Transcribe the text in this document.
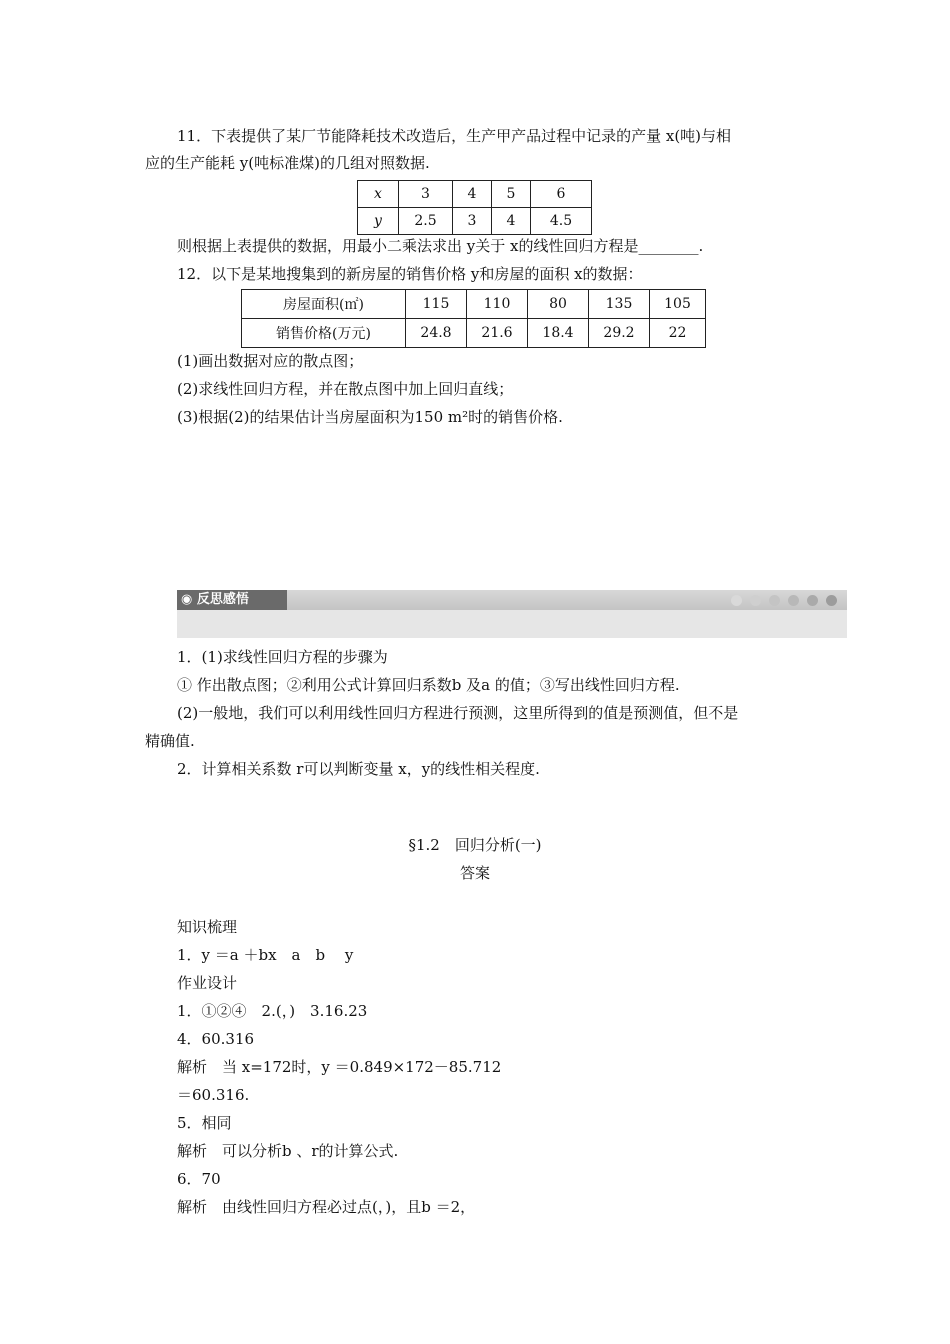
11．下表提供了某厂节能降耗技术改造后，生产甲产品过程中记录的产量 x(吨)与相
应的生产能耗 y(吨标准煤)的几组对照数据.
x	3	4	5	6
y	2.5	3	4	4.5
则根据上表提供的数据，用最小二乘法求出 y关于 x的线性回归方程是________.
12．以下是某地搜集到的新房屋的销售价格 y和房屋的面积 x的数据：
房屋面积(㎡)	115	110	80	135	105
销售价格(万元)	24.8	21.6	18.4	29.2	22
(1)画出数据对应的散点图；
(2)求线性回归方程，并在散点图中加上回归直线；
(3)根据(2)的结果估计当房屋面积为150 m²时的销售价格.
◉ 反思感悟
1．(1)求线性回归方程的步骤为
① 作出散点图；②利用公式计算回归系数b 及a 的值；③写出线性回归方程.
(2)一般地，我们可以利用线性回归方程进行预测，这里所得到的值是预测值，但不是
精确值.
2．计算相关系数 r可以判断变量 x，y的线性相关程度.
§1.2　回归分析(一)
答案
知识梳理
1．y ＝a ＋bx　a　b　 y
作业设计
1．①②④　2.(，)　3.16.23
4．60.316
解析　当 x=172时，y ＝0.849×172－85.712
＝60.316.
5．相同
解析　可以分析b 、r的计算公式.
6．70
解析　由线性回归方程必过点(，)，且b ＝2，
